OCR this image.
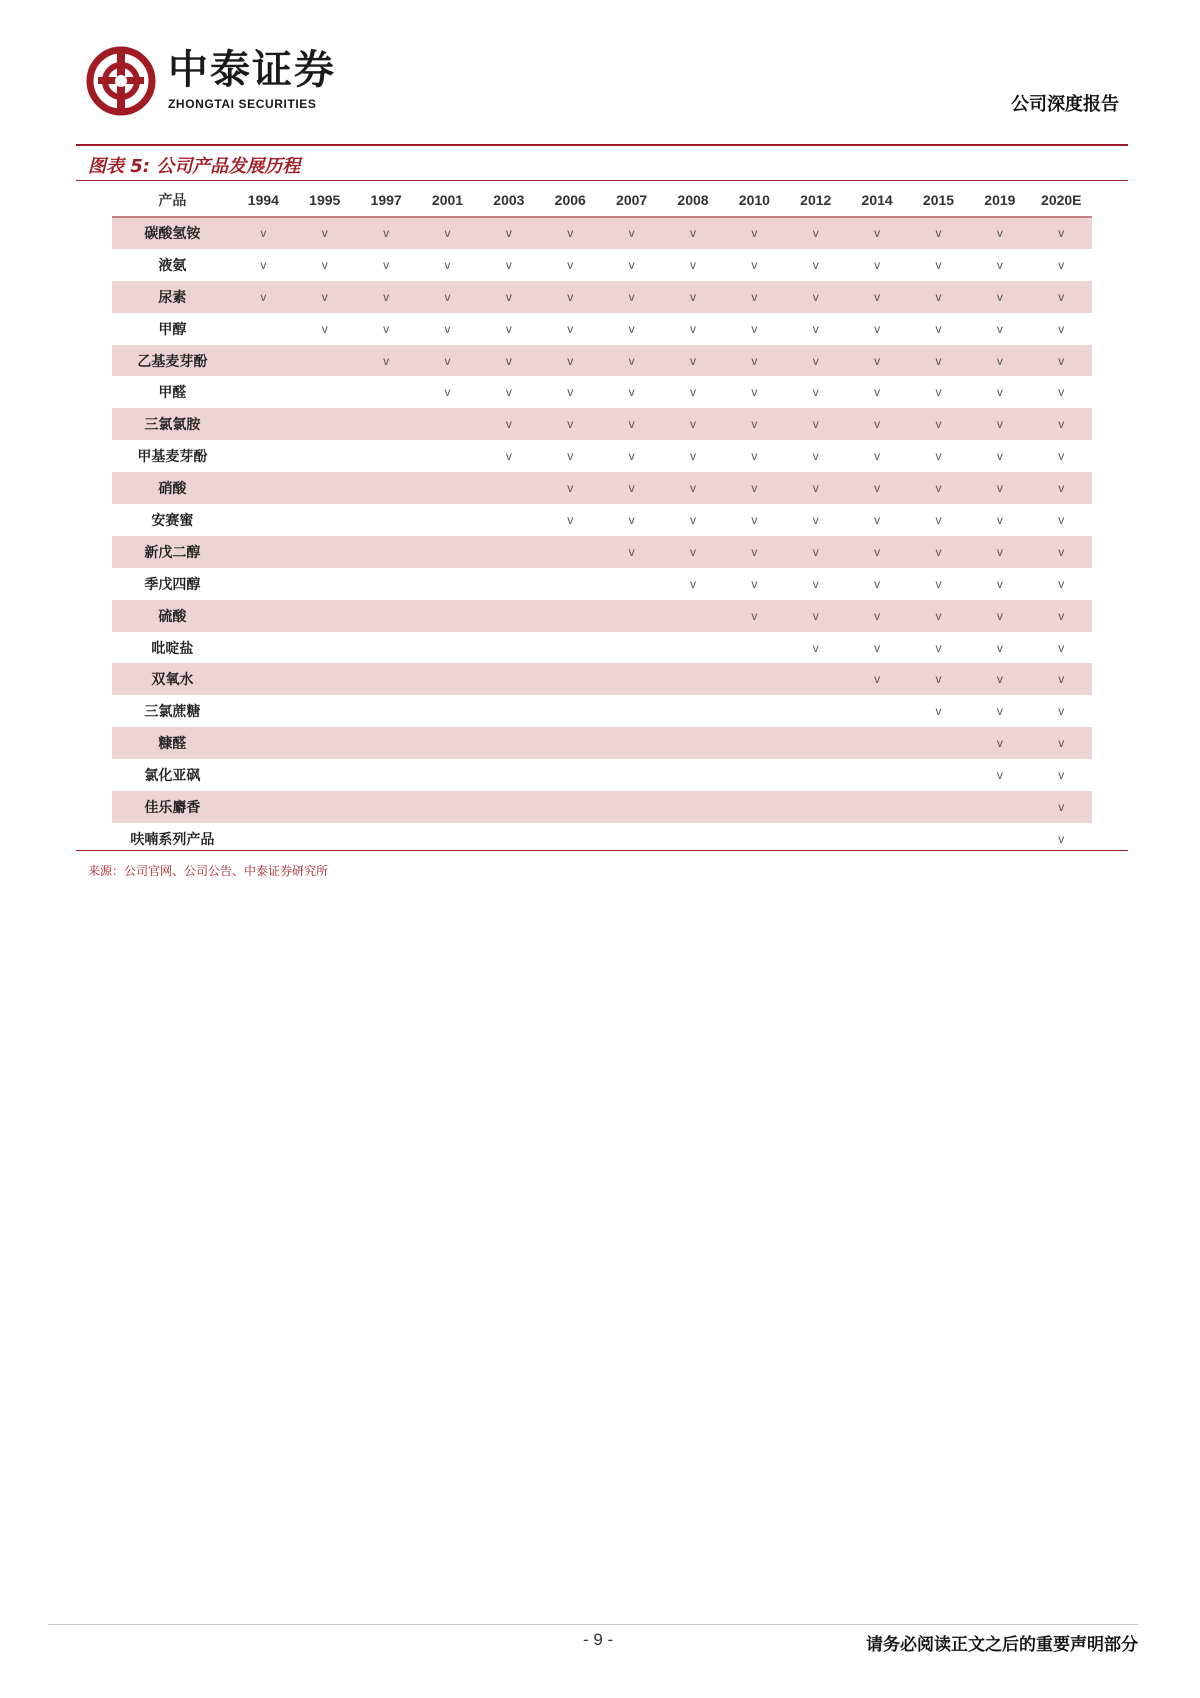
中泰证券
ZHONGTAI SECURITIES	公司深度报告
图表 5: 公司产品发展历程
产品	1994	1995	1997	2001	2003	2006	2007	2008	2010	2012	2014	2015	2019	2020E
碳酸氢铵	v	v	v	v	v	v	v	v	v	v	v	v	v	v
液氨	v	v	v	v	v	v	v	v	v	v	v	v	v	v
尿素	v	v	v	v	v	v	v	v	v	v	v	v	v	v
甲醇		v	v	v	v	v	v	v	v	v	v	v	v	v
乙基麦芽酚			v	v	v	v	v	v	v	v	v	v	v	v
甲醛				v	v	v	v	v	v	v	v	v	v	v
三氯氯胺					v	v	v	v	v	v	v	v	v	v
甲基麦芽酚					v	v	v	v	v	v	v	v	v	v
硝酸						v	v	v	v	v	v	v	v	v
安赛蜜						v	v	v	v	v	v	v	v	v
新戊二醇							v	v	v	v	v	v	v	v
季戊四醇								v	v	v	v	v	v	v
硫酸									v	v	v	v	v	v
吡啶盐										v	v	v	v	v
双氧水											v	v	v	v
三氯蔗糖												v	v	v
糠醛													v	v
氯化亚砜													v	v
佳乐麝香														v
呋喃系列产品														v
来源：公司官网、公司公告、中泰证券研究所
- 9 -	请务必阅读正文之后的重要声明部分
